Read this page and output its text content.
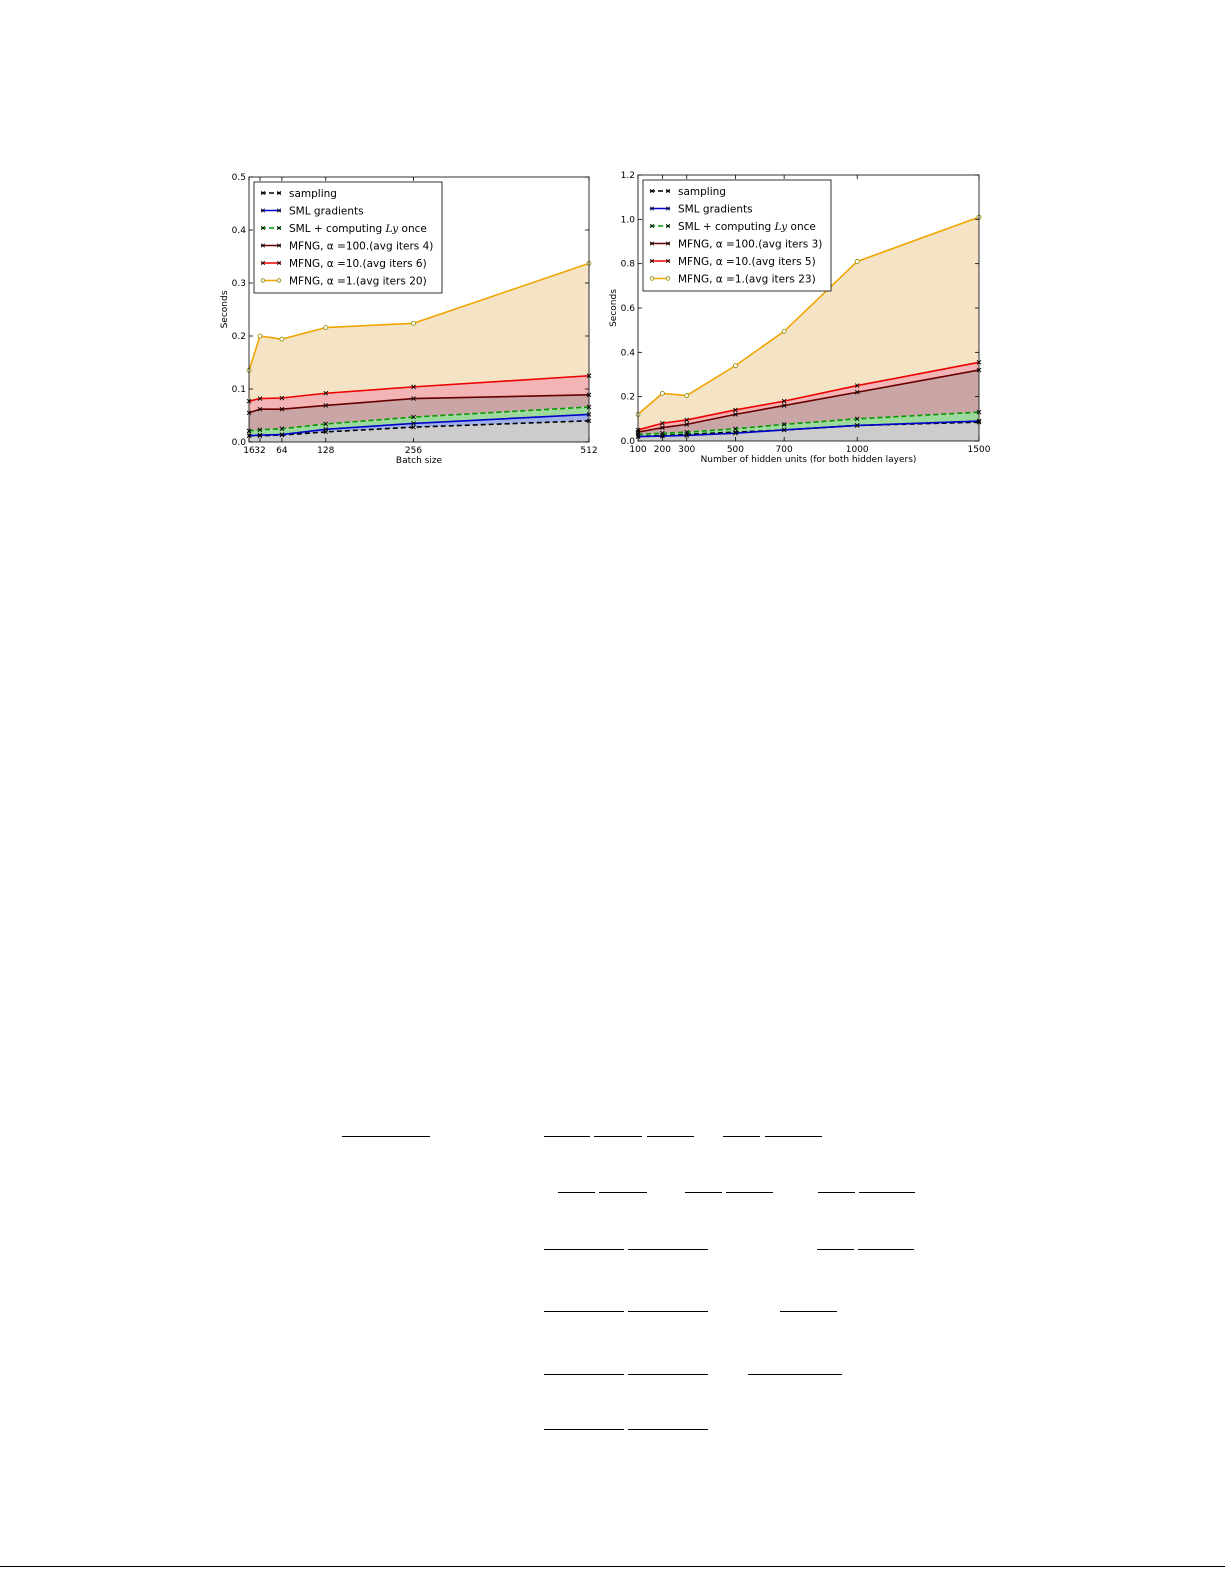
0.0
0.1
0.2
0.3
0.4
0.5
16 32 64	128	256	512
Batch size
Seconds
sampling
SML gradients
SML + computing Ly once
MFNG, α =100.(avg iters 4)
MFNG, α =10.(avg iters 6)
MFNG, α =1.(avg iters 20)
0.0
0.2
0.4
0.6
0.8
1.0
1.2
100 200 300	500	700	1000	1500
Number of hidden units (for both hidden layers)
Seconds
sampling
SML gradients
SML + computing Ly once
MFNG, α =100.(avg iters 3)
MFNG, α =10.(avg iters 5)
MFNG, α =1.(avg iters 23)
